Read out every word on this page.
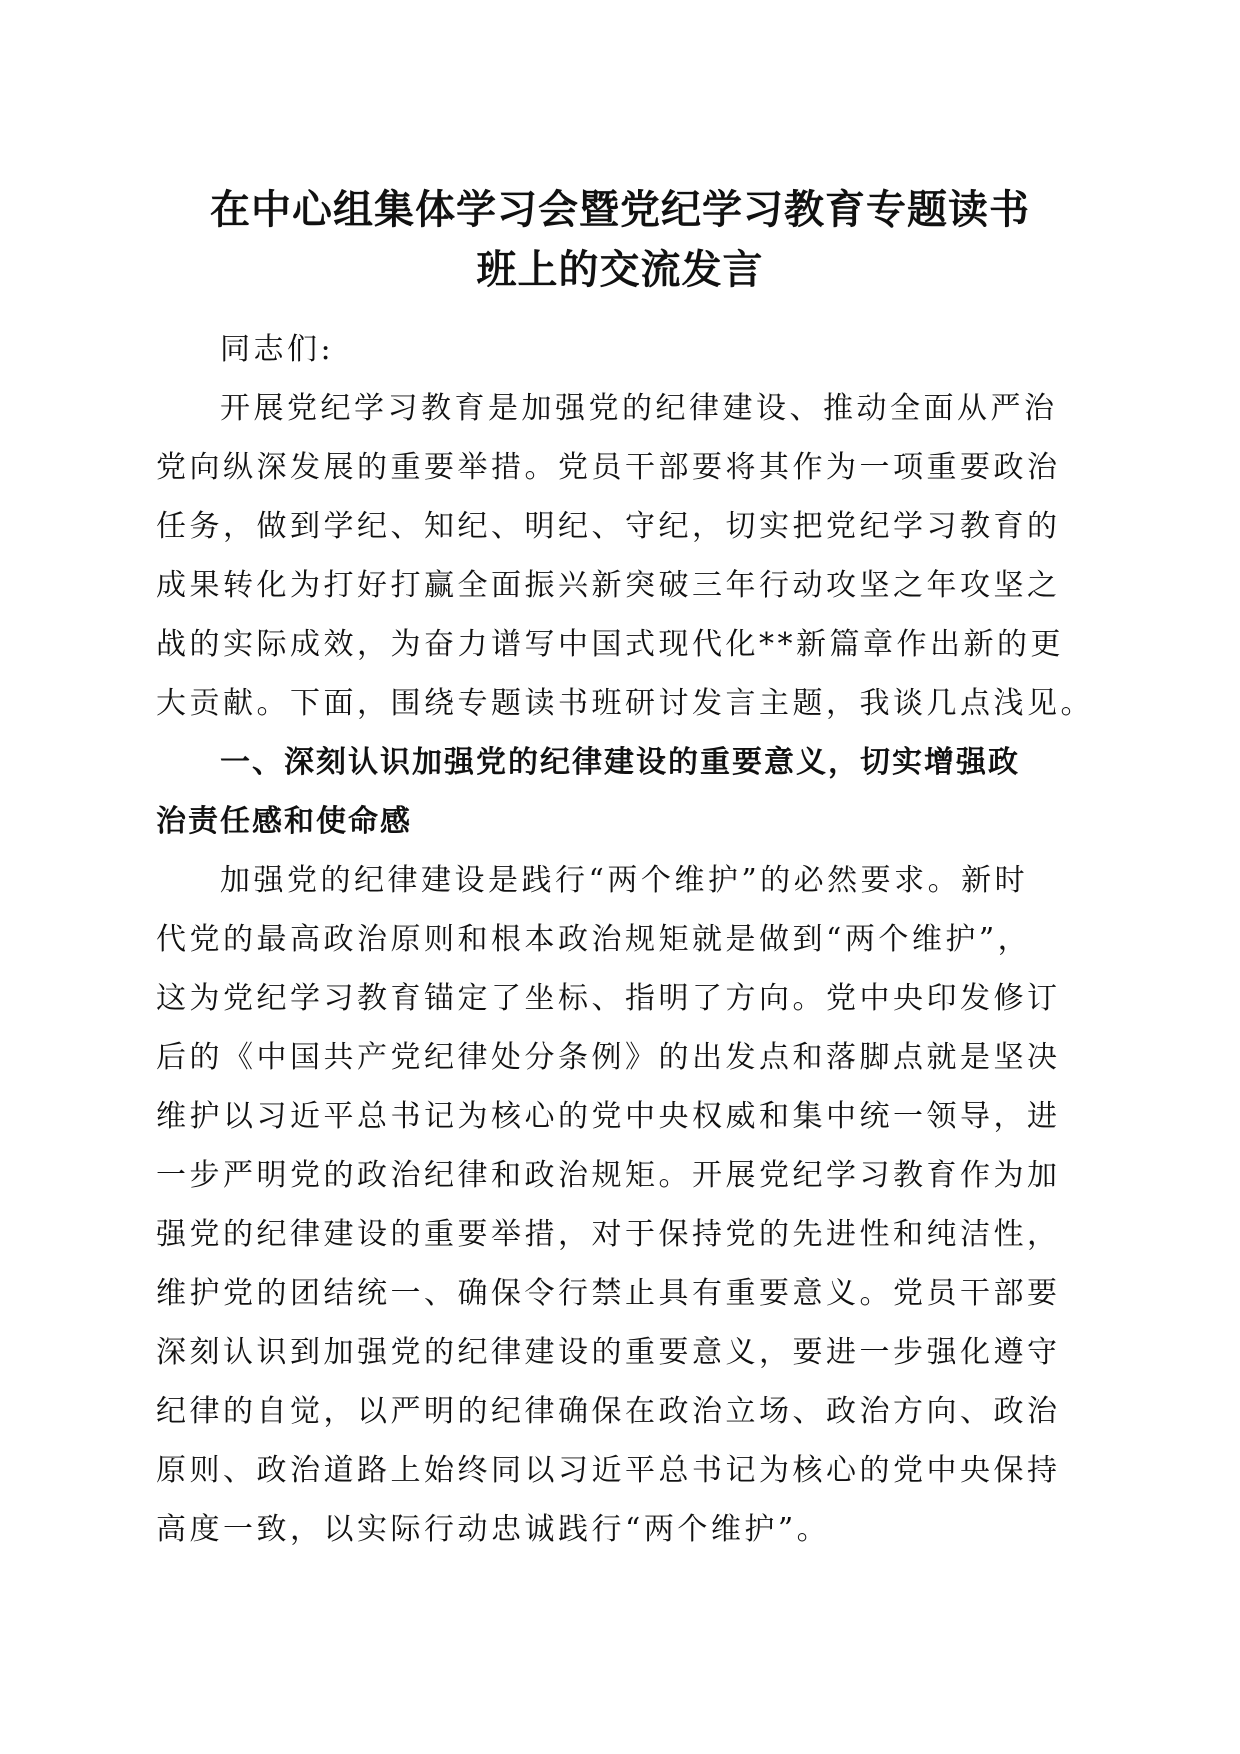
在中心组集体学习会暨党纪学习教育专题读书
班上的交流发言
同志们:
开展党纪学习教育是加强党的纪律建设、推动全面从严治
党向纵深发展的重要举措。党员干部要将其作为一项重要政治
任务，做到学纪、知纪、明纪、守纪，切实把党纪学习教育的
成果转化为打好打赢全面振兴新突破三年行动攻坚之年攻坚之
战的实际成效，为奋力谱写中国式现代化**新篇章作出新的更
大贡献。下面，围绕专题读书班研讨发言主题，我谈几点浅见。
一、深刻认识加强党的纪律建设的重要意义，切实增强政
治责任感和使命感
加强党的纪律建设是践行“两个维护”的必然要求。新时
代党的最高政治原则和根本政治规矩就是做到“两个维护”，
这为党纪学习教育锚定了坐标、指明了方向。党中央印发修订
后的《中国共产党纪律处分条例》的出发点和落脚点就是坚决
维护以习近平总书记为核心的党中央权威和集中统一领导，进
一步严明党的政治纪律和政治规矩。开展党纪学习教育作为加
强党的纪律建设的重要举措，对于保持党的先进性和纯洁性，
维护党的团结统一、确保令行禁止具有重要意义。党员干部要
深刻认识到加强党的纪律建设的重要意义，要进一步强化遵守
纪律的自觉，以严明的纪律确保在政治立场、政治方向、政治
原则、政治道路上始终同以习近平总书记为核心的党中央保持
高度一致，以实际行动忠诚践行“两个维护”。
